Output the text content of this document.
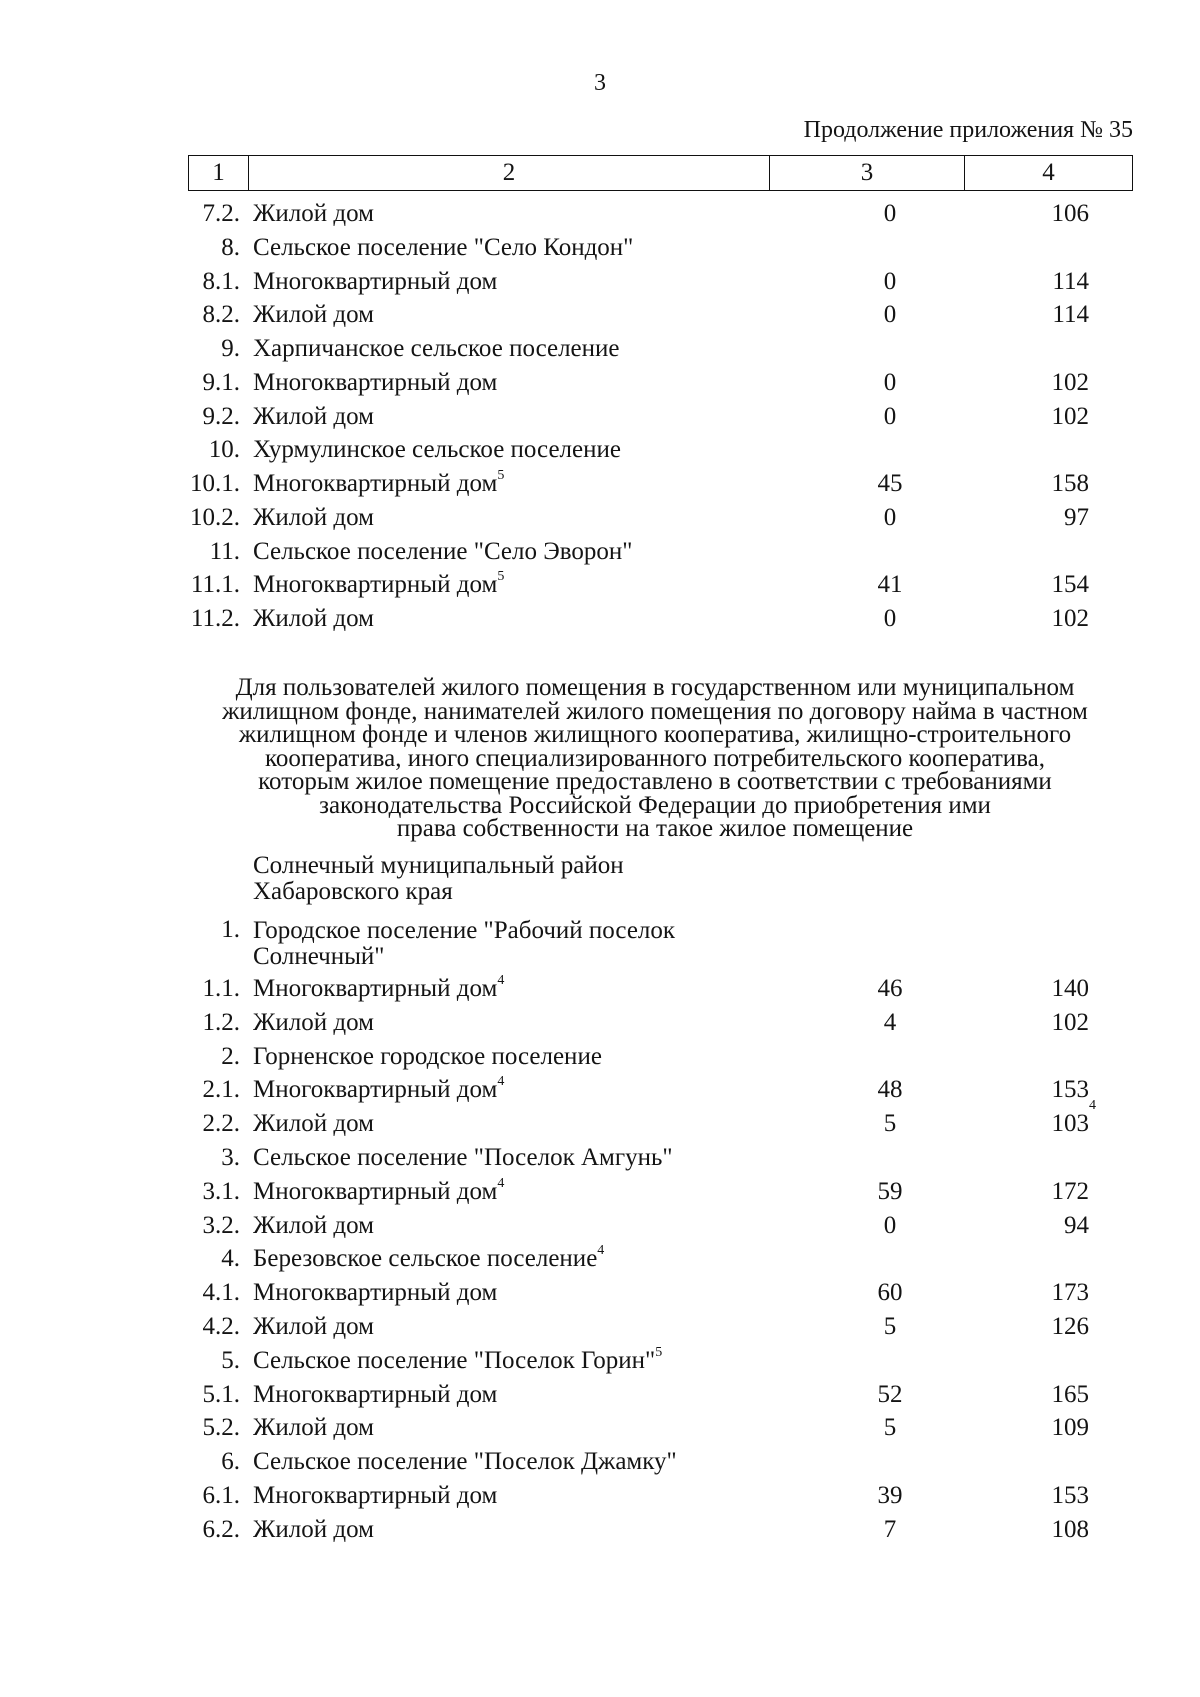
3
Продолжение приложения № 35
1	2	3	4
7.2. Жилой дом	0	106
8. Сельское поселение "Село Кондон"
8.1. Многоквартирный дом	0	114
8.2. Жилой дом	0	114
9. Харпичанское сельское поселение
9.1. Многоквартирный дом	0	102
9.2. Жилой дом	0	102
10. Хурмулинское сельское поселение
10.1. Многоквартирный дом$^5$	45	158
10.2. Жилой дом	0	97
11. Сельское поселение "Село Эворон"
11.1. Многоквартирный дом$^5$	41	154
11.2. Жилой дом	0	102
Для пользователей жилого помещения в государственном или муниципальном
жилищном фонде, нанимателей жилого помещения по договору найма в частном
жилищном фонде и членов жилищного кооператива, жилищно-строительного
кооператива, иного специализированного потребительского кооператива,
которым жилое помещение предоставлено в соответствии с требованиями
законодательства Российской Федерации до приобретения ими
права собственности на такое жилое помещение
Солнечный муниципальный район
Хабаровского края
1. Городское поселение "Рабочий поселок
Солнечный"
1.1. Многоквартирный дом$^4$	46	140
1.2. Жилой дом	4	102
2. Горненское городское поселение
2.1. Многоквартирный дом$^4$	48	153
2.2. Жилой дом	5	103
4
3. Сельское поселение "Поселок Амгунь"
3.1. Многоквартирный дом$^4$	59	172
3.2. Жилой дом	0	94
4. Березовское сельское поселение$^4$
4.1. Многоквартирный дом	60	173
4.2. Жилой дом	5	126
5. Сельское поселение "Поселок Горин"$^5$
5.1. Многоквартирный дом	52	165
5.2. Жилой дом	5	109
6. Сельское поселение "Поселок Джамку"
6.1. Многоквартирный дом	39	153
6.2. Жилой дом	7	108
